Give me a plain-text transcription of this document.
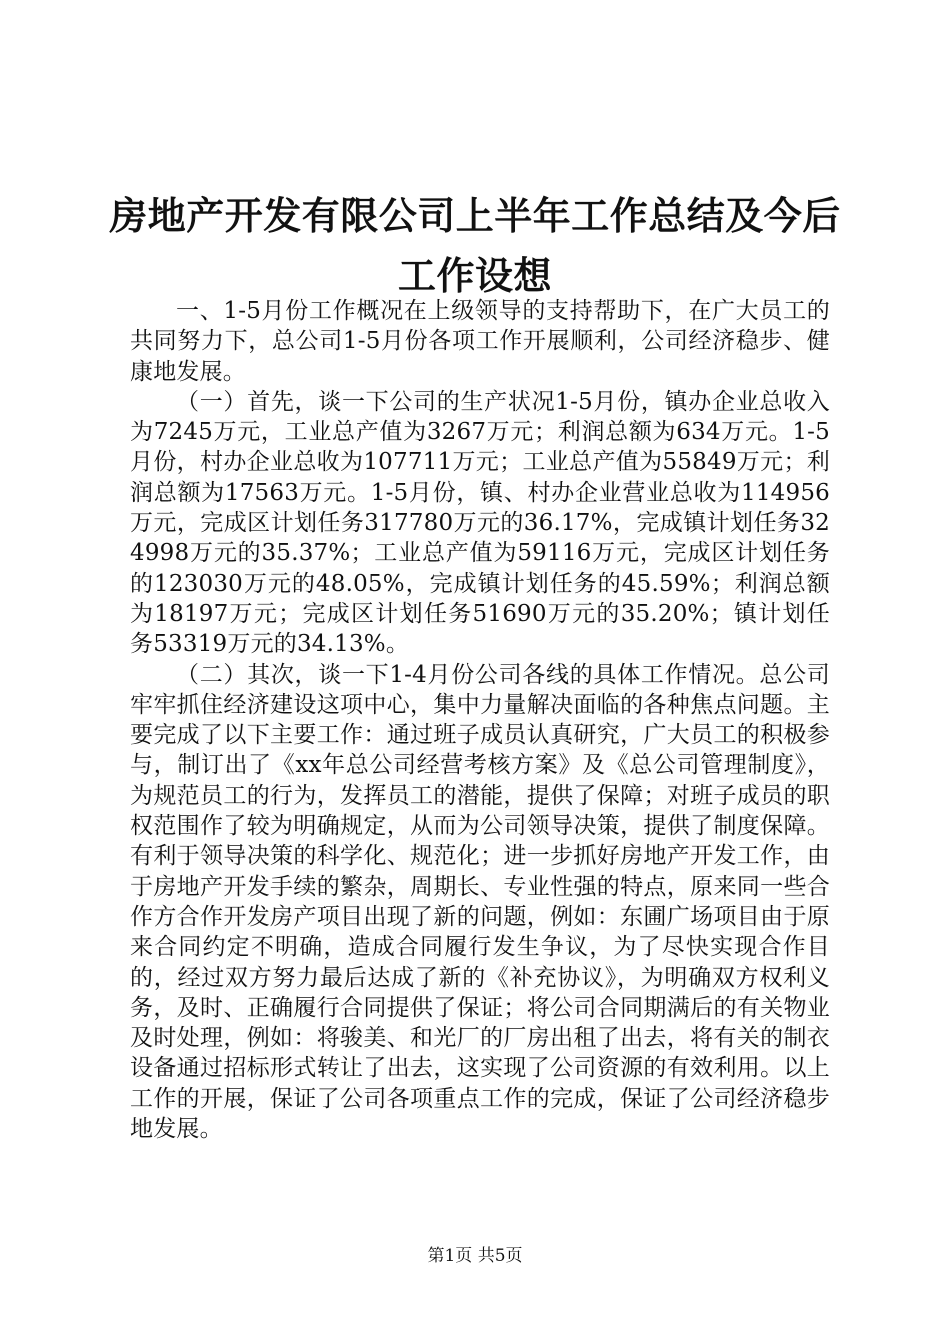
房地产开发有限公司上半年工作总结及今后工作设想

一、1-5月份工作概况在上级领导的支持帮助下，在广大员工的共同努力下，总公司1-5月份各项工作开展顺利，公司经济稳步、健康地发展。

（一）首先，谈一下公司的生产状况1-5月份，镇办企业总收入为7245万元，工业总产值为3267万元；利润总额为634万元。1-5月份，村办企业总收为107711万元；工业总产值为55849万元；利润总额为17563万元。1-5月份，镇、村办企业营业总收为114956万元，完成区计划任务317780万元的36.17%，完成镇计划任务324998万元的35.37%；工业总产值为59116万元，完成区计划任务的123030万元的48.05%，完成镇计划任务的45.59%；利润总额为18197万元；完成区计划任务51690万元的35.20%；镇计划任务53319万元的34.13%。

（二）其次，谈一下1-4月份公司各线的具体工作情况。总公司牢牢抓住经济建设这项中心，集中力量解决面临的各种焦点问题。主要完成了以下主要工作：通过班子成员认真研究，广大员工的积极参与，制订出了《xx年总公司经营考核方案》及《总公司管理制度》，为规范员工的行为，发挥员工的潜能，提供了保障；对班子成员的职权范围作了较为明确规定，从而为公司领导决策，提供了制度保障。有利于领导决策的科学化、规范化；进一步抓好房地产开发工作，由于房地产开发手续的繁杂，周期长、专业性强的特点，原来同一些合作方合作开发房产项目出现了新的问题，例如：东圃广场项目由于原来合同约定不明确，造成合同履行发生争议，为了尽快实现合作目的，经过双方努力最后达成了新的《补充协议》，为明确双方权利义务，及时、正确履行合同提供了保证；将公司合同期满后的有关物业及时处理，例如：将骏美、和光厂的厂房出租了出去，将有关的制衣设备通过招标形式转让了出去，这实现了公司资源的有效利用。以上工作的开展，保证了公司各项重点工作的完成，保证了公司经济稳步地发展。

第1页 共5页
